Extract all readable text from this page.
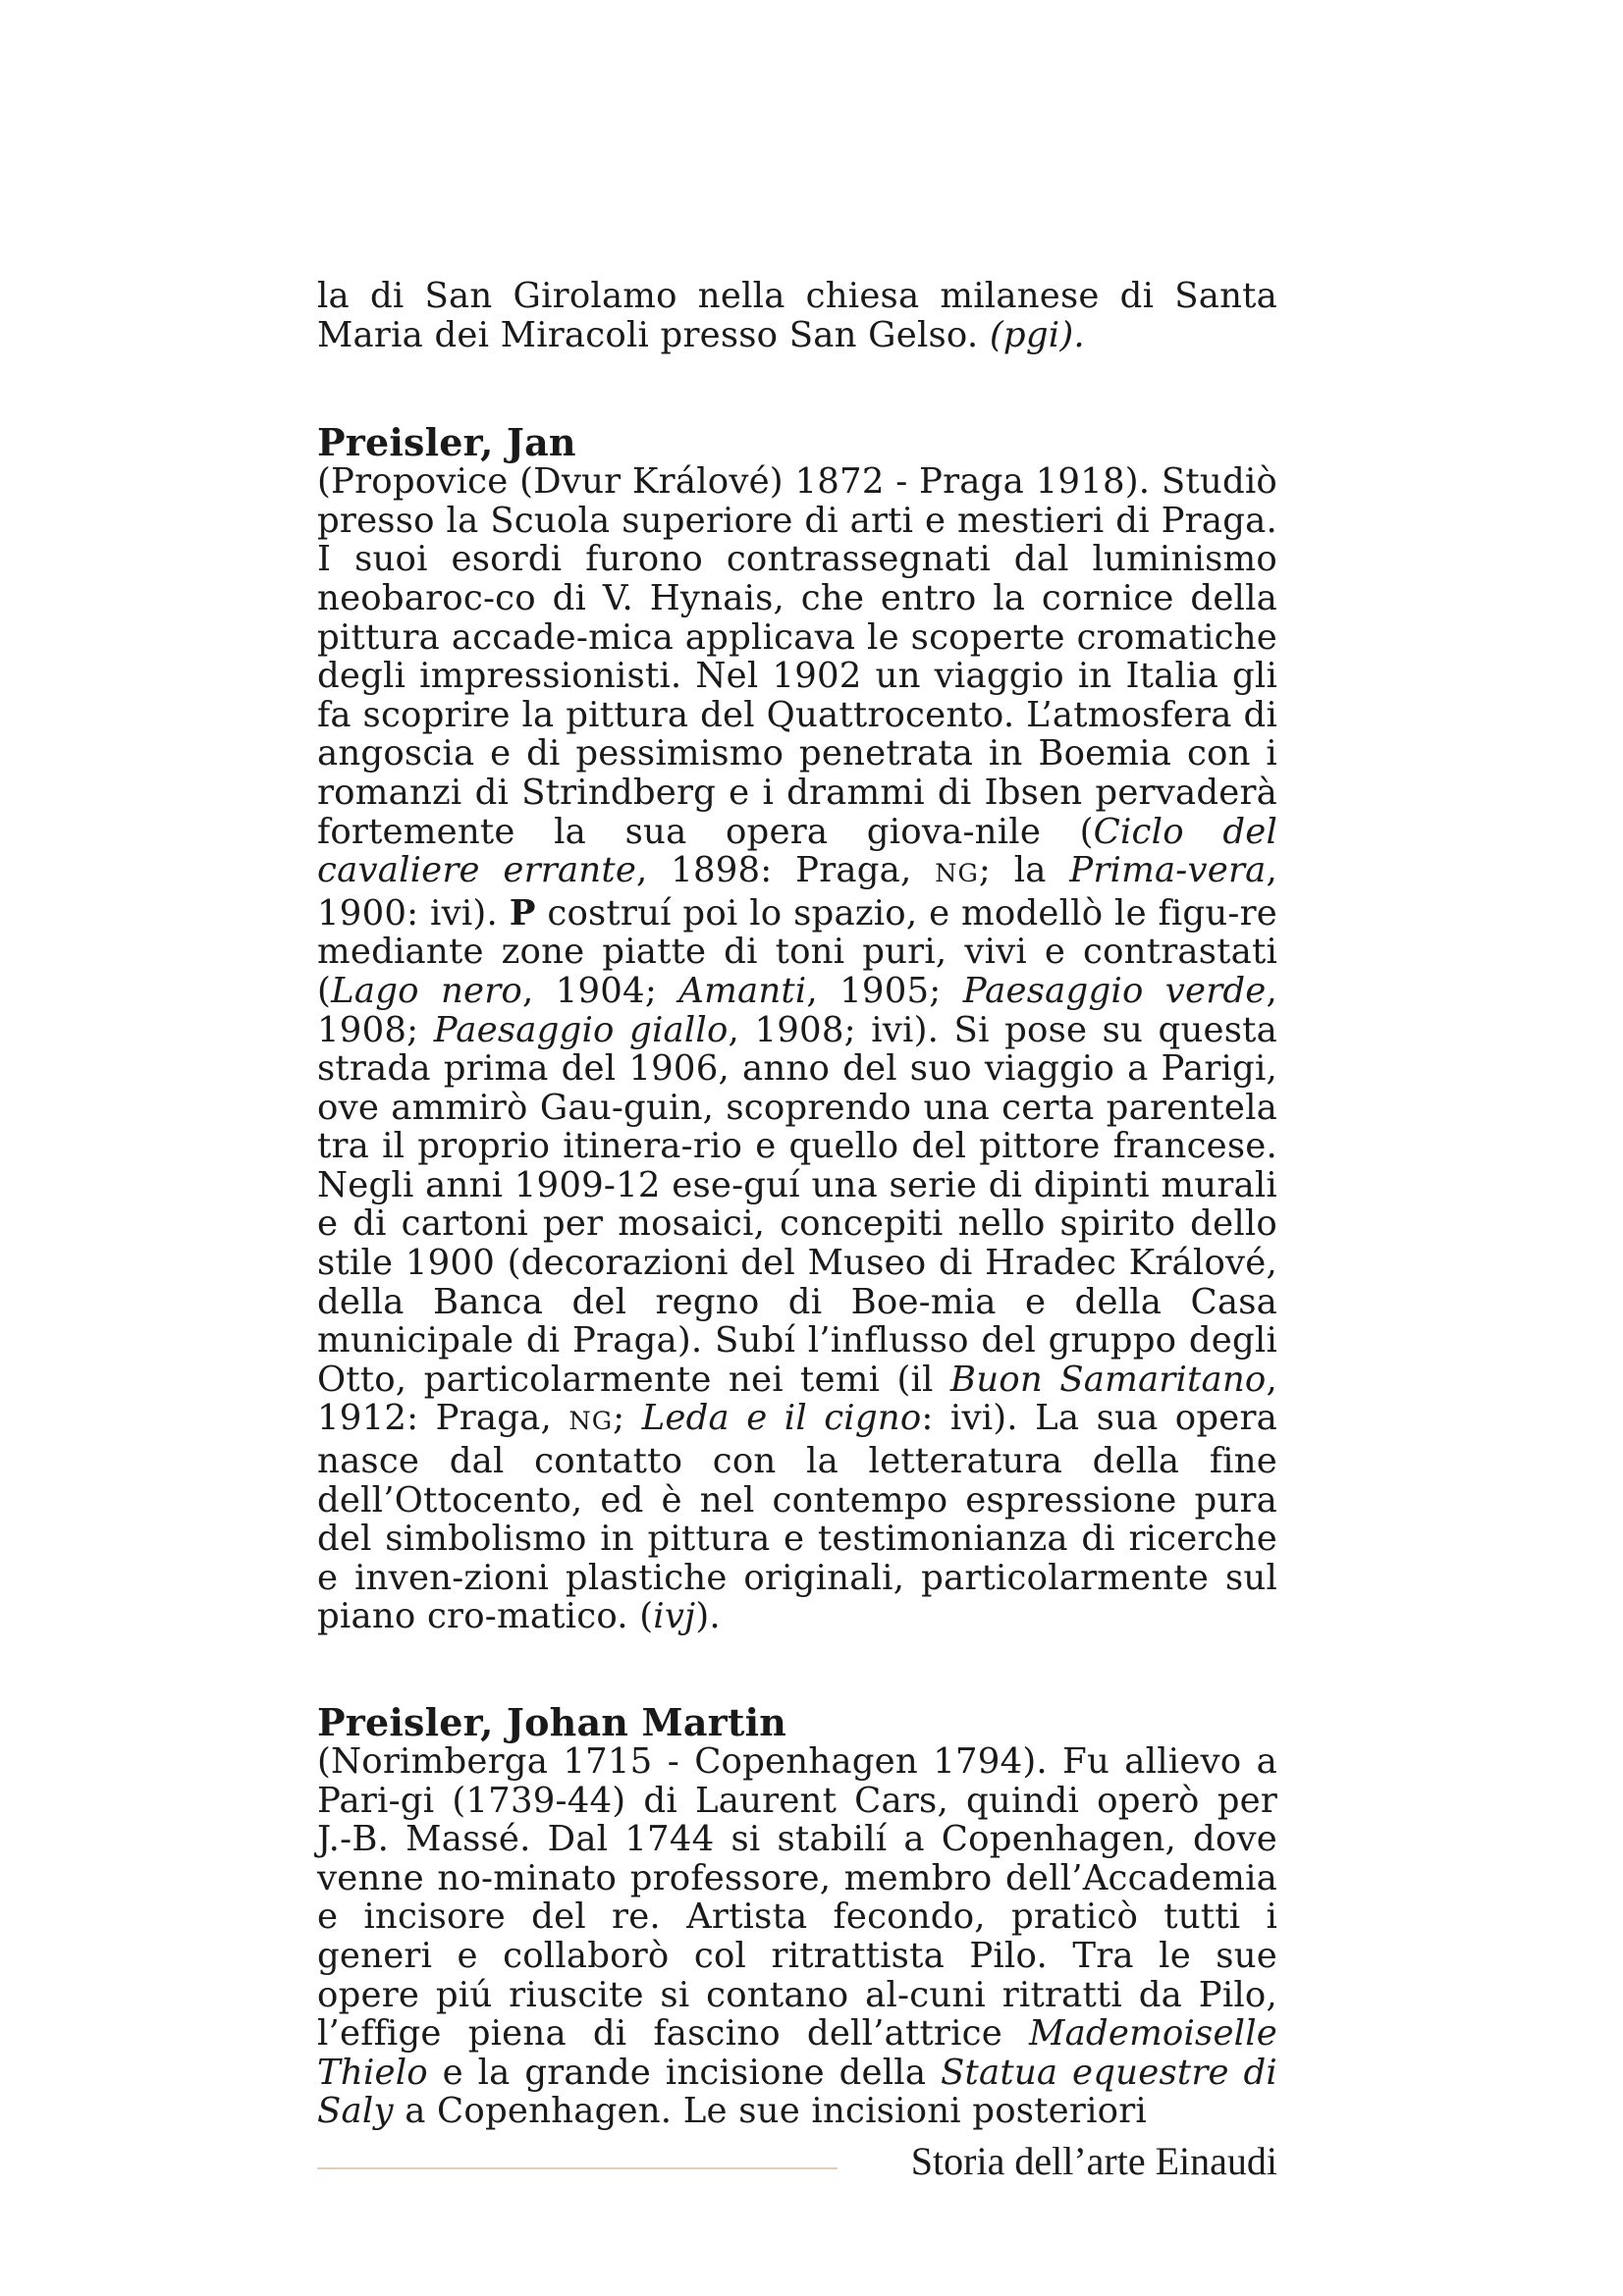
la di San Girolamo nella chiesa milanese di Santa Maria dei Miracoli presso San Gelso. (pgi).

Preisler, Jan

(Propovice (Dvur Králové) 1872 - Praga 1918). Studiò presso la Scuola superiore di arti e mestieri di Praga. I suoi esordi furono contrassegnati dal luminismo neobaroc-co di V. Hynais, che entro la cornice della pittura accade-mica applicava le scoperte cromatiche degli impressionisti. Nel 1902 un viaggio in Italia gli fa scoprire la pittura del Quattrocento. L’atmosfera di angoscia e di pessimismo penetrata in Boemia con i romanzi di Strindberg e i drammi di Ibsen pervaderà fortemente la sua opera giova-nile (Ciclo del cavaliere errante, 1898: Praga, NG; la Prima-vera, 1900: ivi). P costruí poi lo spazio, e modellò le figu-re mediante zone piatte di toni puri, vivi e contrastati (Lago nero, 1904; Amanti, 1905; Paesaggio verde, 1908; Paesaggio giallo, 1908; ivi). Si pose su questa strada prima del 1906, anno del suo viaggio a Parigi, ove ammirò Gau-guin, scoprendo una certa parentela tra il proprio itinera-rio e quello del pittore francese. Negli anni 1909-12 ese-guí una serie di dipinti murali e di cartoni per mosaici, concepiti nello spirito dello stile 1900 (decorazioni del Museo di Hradec Králové, della Banca del regno di Boe-mia e della Casa municipale di Praga). Subí l’influsso del gruppo degli Otto, particolarmente nei temi (il Buon Samaritano, 1912: Praga, NG; Leda e il cigno: ivi). La sua opera nasce dal contatto con la letteratura della fine dell’Ottocento, ed è nel contempo espressione pura del simbolismo in pittura e testimonianza di ricerche e inven-zioni plastiche originali, particolarmente sul piano cro-matico. (ivj).

Preisler, Johan Martin

(Norimberga 1715 - Copenhagen 1794). Fu allievo a Pari-gi (1739-44) di Laurent Cars, quindi operò per J.-B. Massé. Dal 1744 si stabilí a Copenhagen, dove venne no-minato professore, membro dell’Accademia e incisore del re. Artista fecondo, praticò tutti i generi e collaborò col ritrattista Pilo. Tra le sue opere piú riuscite si contano al-cuni ritratti da Pilo, l’effige piena di fascino dell’attrice Mademoiselle Thielo e la grande incisione della Statua equestre di Saly a Copenhagen. Le sue incisioni posteriori

Storia dell’arte Einaudi
